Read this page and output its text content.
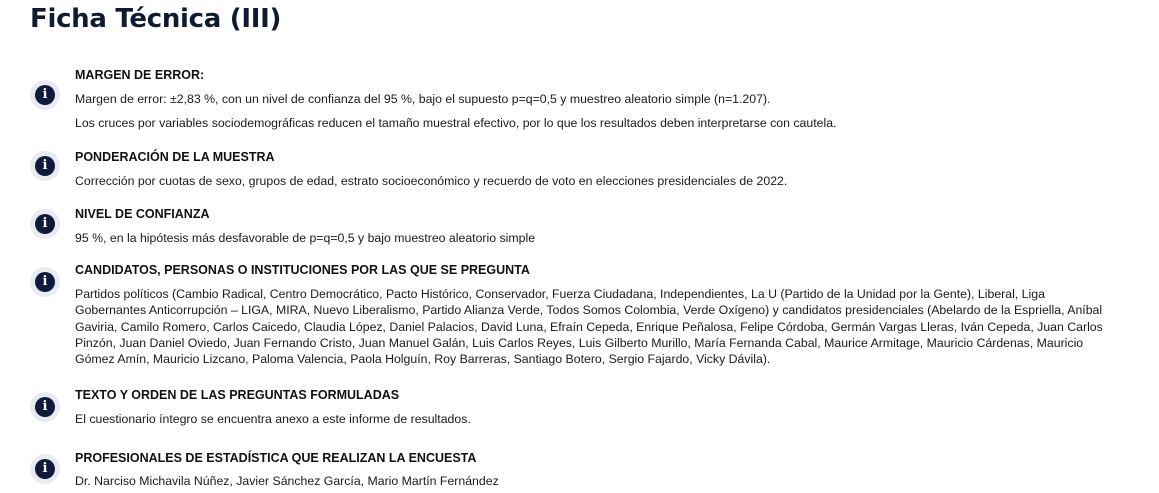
Ficha Técnica (III)
i
MARGEN DE ERROR:

Margen de error: ±2,83 %, con un nivel de confianza del 95 %, bajo el supuesto p=q=0,5 y muestreo aleatorio simple (n=1.207).

Los cruces por variables sociodemográficas reducen el tamaño muestral efectivo, por lo que los resultados deben interpretarse con cautela.

i
PONDERACIÓN DE LA MUESTRA

Corrección por cuotas de sexo, grupos de edad, estrato socioeconómico y recuerdo de voto en elecciones presidenciales de 2022.

i
NIVEL DE CONFIANZA

95 %, en la hipótesis más desfavorable de p=q=0,5 y bajo muestreo aleatorio simple

i
CANDIDATOS, PERSONAS O INSTITUCIONES POR LAS QUE SE PREGUNTA

Partidos políticos (Cambio Radical, Centro Democrático, Pacto Histórico, Conservador, Fuerza Ciudadana, Independientes, La U (Partido de la Unidad por la Gente), Liberal, Liga Gobernantes Anticorrupción – LIGA, MIRA, Nuevo Liberalismo, Partido Alianza Verde, Todos Somos Colombia, Verde Oxígeno) y candidatos presidenciales (Abelardo de la Espriella, Aníbal Gaviria, Camilo Romero, Carlos Caicedo, Claudia López, Daniel Palacios, David Luna, Efraín Cepeda, Enrique Peñalosa, Felipe Córdoba, Germán Vargas Lleras, Iván Cepeda, Juan Carlos Pinzón, Juan Daniel Oviedo, Juan Fernando Cristo, Juan Manuel Galán, Luis Carlos Reyes, Luis Gilberto Murillo, María Fernanda Cabal, Maurice Armitage, Mauricio Cárdenas, Mauricio Gómez Amín, Mauricio Lizcano, Paloma Valencia, Paola Holguín, Roy Barreras, Santiago Botero, Sergio Fajardo, Vicky Dávila).

i
TEXTO Y ORDEN DE LAS PREGUNTAS FORMULADAS

El cuestionario íntegro se encuentra anexo a este informe de resultados.

i
PROFESIONALES DE ESTADÍSTICA QUE REALIZAN LA ENCUESTA

Dr. Narciso Michavila Núñez, Javier Sánchez García, Mario Martín Fernández
